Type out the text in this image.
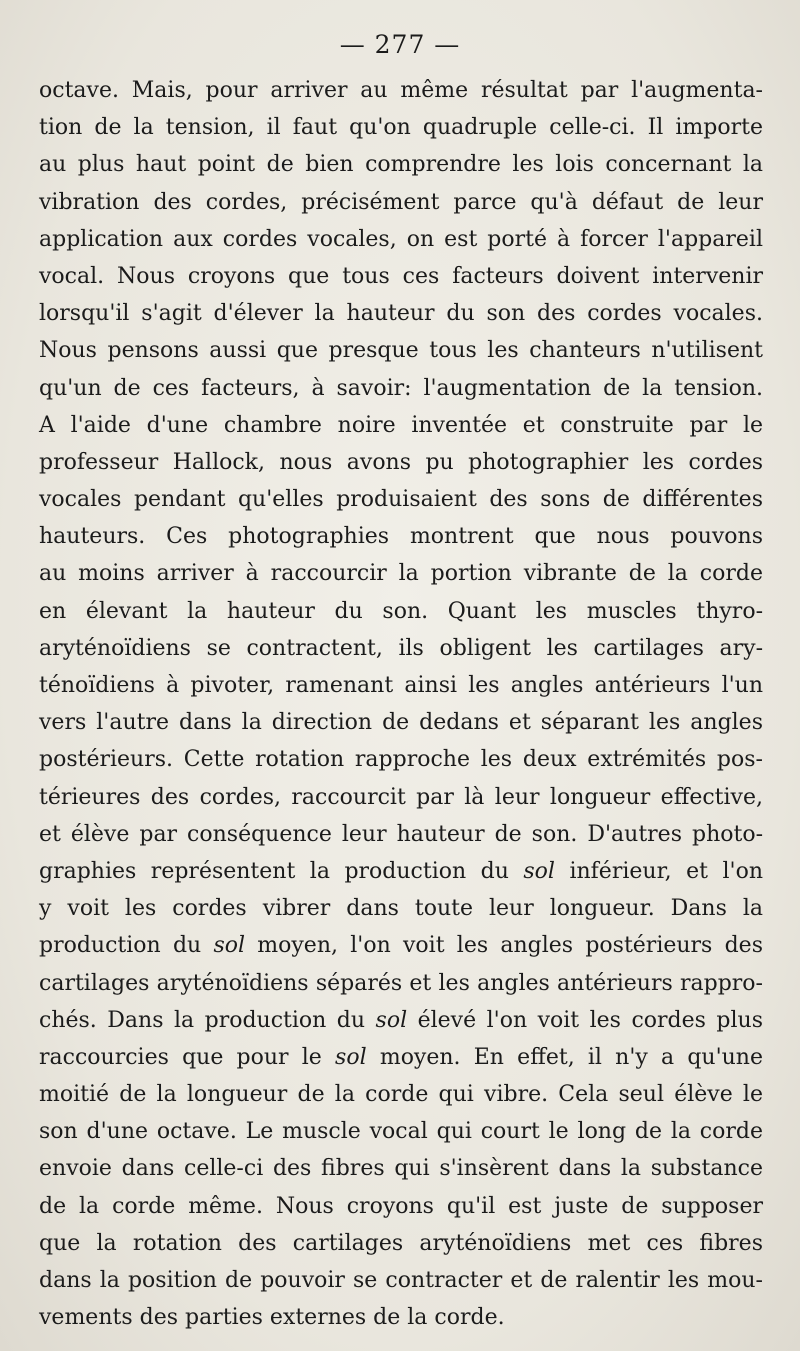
— 277 —
octave. Mais, pour arriver au même résultat par l'augmenta-
tion de la tension, il faut qu'on quadruple celle-ci. Il importe
au plus haut point de bien comprendre les lois concernant la
vibration des cordes, précisément parce qu'à défaut de leur
application aux cordes vocales, on est porté à forcer l'appareil
vocal. Nous croyons que tous ces facteurs doivent intervenir
lorsqu'il s'agit d'élever la hauteur du son des cordes vocales.
Nous pensons aussi que presque tous les chanteurs n'utilisent
qu'un de ces facteurs, à savoir: l'augmentation de la tension.
A l'aide d'une chambre noire inventée et construite par le
professeur Hallock, nous avons pu photographier les cordes
vocales pendant qu'elles produisaient des sons de différentes
hauteurs. Ces photographies montrent que nous pouvons
au moins arriver à raccourcir la portion vibrante de la corde
en élevant la hauteur du son. Quant les muscles thyro-
aryténoïdiens se contractent, ils obligent les cartilages ary-
ténoïdiens à pivoter, ramenant ainsi les angles antérieurs l'un
vers l'autre dans la direction de dedans et séparant les angles
postérieurs. Cette rotation rapproche les deux extrémités pos-
térieures des cordes, raccourcit par là leur longueur effective,
et élève par conséquence leur hauteur de son. D'autres photo-
graphies représentent la production du sol inférieur, et l'on
y voit les cordes vibrer dans toute leur longueur. Dans la
production du sol moyen, l'on voit les angles postérieurs des
cartilages aryténoïdiens séparés et les angles antérieurs rappro-
chés. Dans la production du sol élevé l'on voit les cordes plus
raccourcies que pour le sol moyen. En effet, il n'y a qu'une
moitié de la longueur de la corde qui vibre. Cela seul élève le
son d'une octave. Le muscle vocal qui court le long de la corde
envoie dans celle-ci des fibres qui s'insèrent dans la substance
de la corde même. Nous croyons qu'il est juste de supposer
que la rotation des cartilages aryténoïdiens met ces fibres
dans la position de pouvoir se contracter et de ralentir les mou-
vements des parties externes de la corde.
